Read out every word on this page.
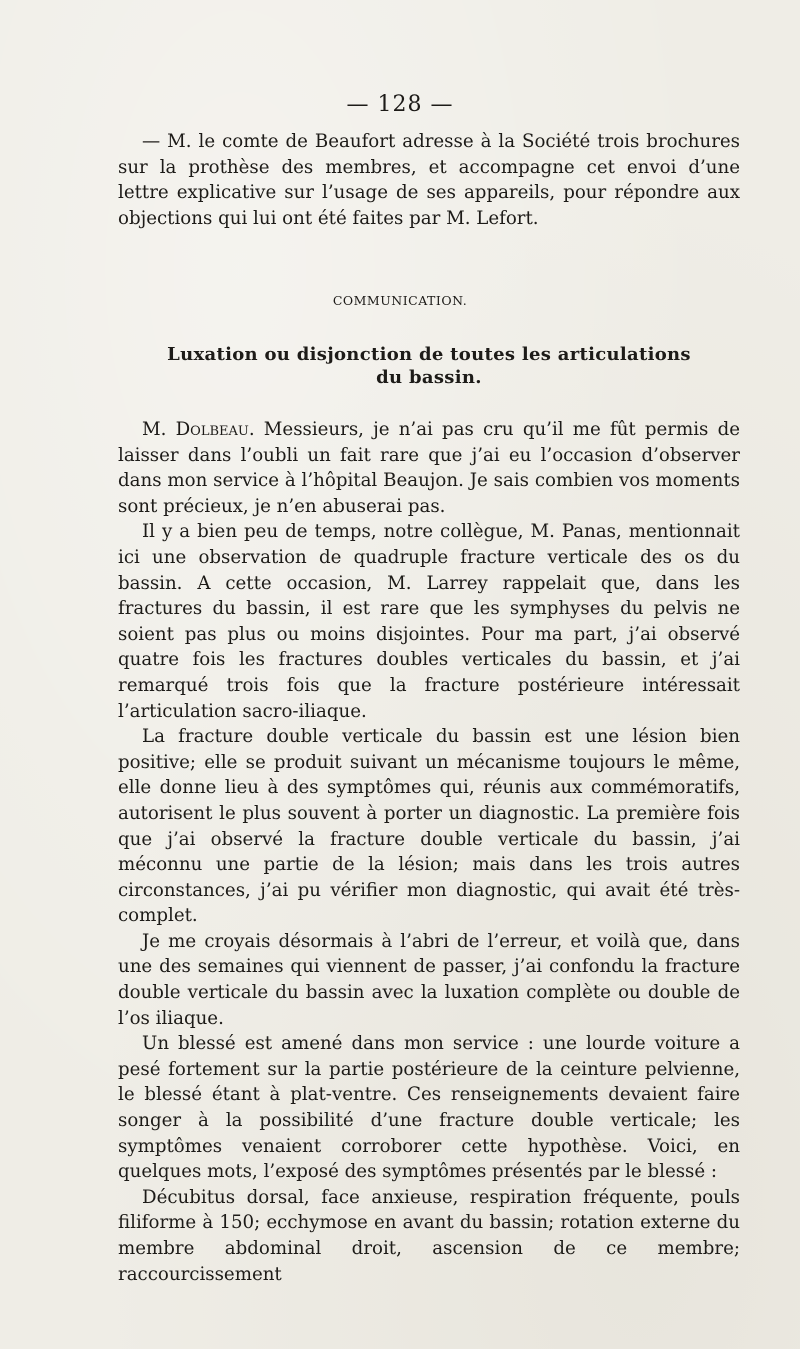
— 128 —

— M. le comte de Beaufort adresse à la Société trois brochures sur la prothèse des membres, et accompagne cet envoi d’une lettre explicative sur l’usage de ses appareils, pour répondre aux objections qui lui ont été faites par M. Lefort.

COMMUNICATION.
Luxation ou disjonction de toutes les articulations
du bassin.

M. Dolbeau. Messieurs, je n’ai pas cru qu’il me fût permis de laisser dans l’oubli un fait rare que j’ai eu l’occasion d’observer dans mon service à l’hôpital Beaujon. Je sais combien vos moments sont précieux, je n’en abuserai pas.

Il y a bien peu de temps, notre collègue, M. Panas, mentionnait ici une observation de quadruple fracture verticale des os du bassin. A cette occasion, M. Larrey rappelait que, dans les fractures du bassin, il est rare que les symphyses du pelvis ne soient pas plus ou moins disjointes. Pour ma part, j’ai observé quatre fois les fractures doubles verticales du bassin, et j’ai remarqué trois fois que la fracture postérieure intéressait l’articulation sacro-iliaque.

La fracture double verticale du bassin est une lésion bien positive; elle se produit suivant un mécanisme toujours le même, elle donne lieu à des symptômes qui, réunis aux commémoratifs, autorisent le plus souvent à porter un diagnostic. La première fois que j’ai observé la fracture double verticale du bassin, j’ai méconnu une partie de la lésion; mais dans les trois autres circonstances, j’ai pu vérifier mon diagnostic, qui avait été très-complet.

Je me croyais désormais à l’abri de l’erreur, et voilà que, dans une des semaines qui viennent de passer, j’ai confondu la fracture double verticale du bassin avec la luxation complète ou double de l’os iliaque.

Un blessé est amené dans mon service : une lourde voiture a pesé fortement sur la partie postérieure de la ceinture pelvienne, le blessé étant à plat-ventre. Ces renseignements devaient faire songer à la possibilité d’une fracture double verticale; les symptômes venaient corroborer cette hypothèse. Voici, en quelques mots, l’exposé des symptômes présentés par le blessé :

Décubitus dorsal, face anxieuse, respiration fréquente, pouls filiforme à 150; ecchymose en avant du bassin; rotation externe du membre abdominal droit, ascension de ce membre; raccourcissement
